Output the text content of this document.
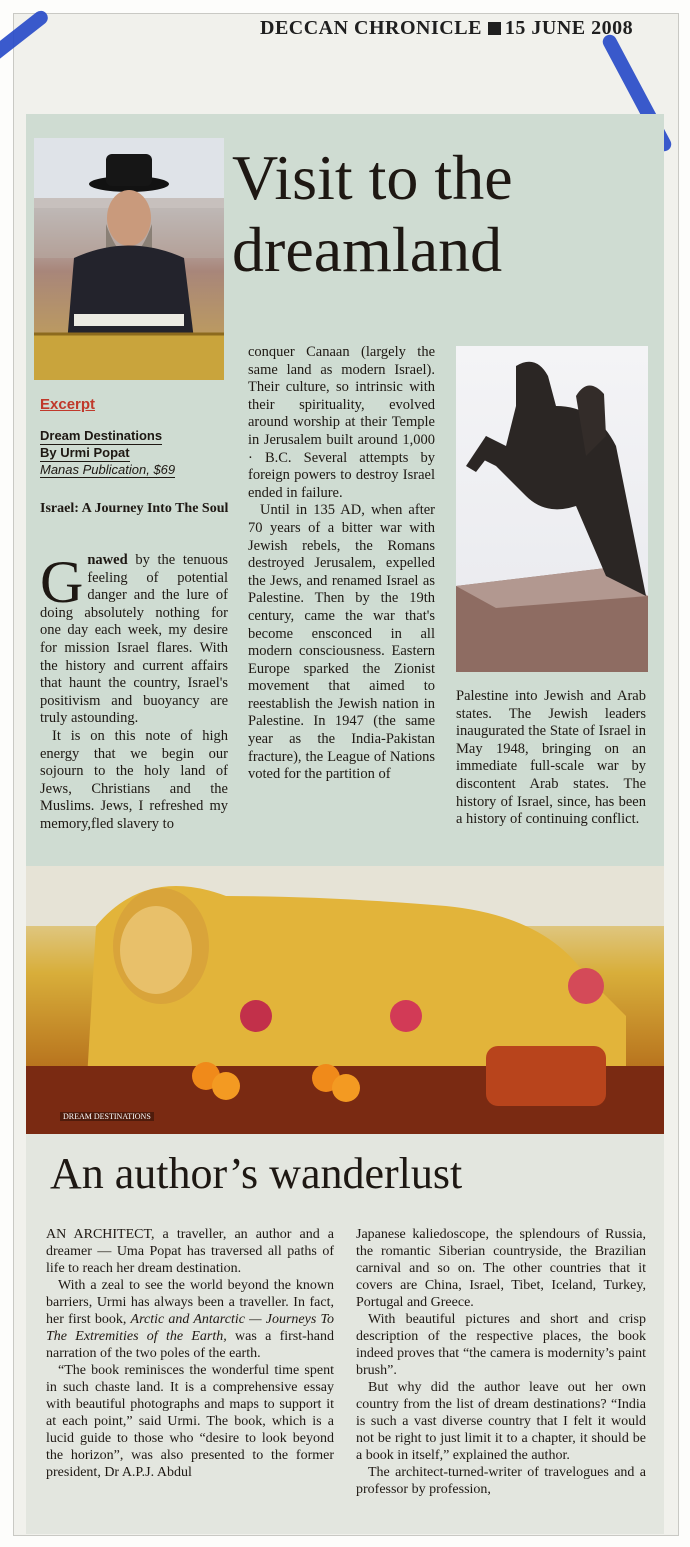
DECCAN CHRONICLE 15 JUNE 2008
Visit to the dreamland
Excerpt
Dream Destinations
By Urmi Popat
Manas Publication, $69
Israel: A Journey Into The Soul

Gnawed by the tenuous feeling of potential danger and the lure of doing absolutely nothing for one day each week, my desire for mission Israel flares. With the history and current affairs that haunt the country, Israel's positivism and buoyancy are truly astounding.

It is on this note of high energy that we begin our sojourn to the holy land of Jews, Christians and the Muslims. Jews, I refreshed my memory,fled slavery to

conquer Canaan (largely the same land as modern Israel). Their culture, so intrinsic with their spirituality, evolved around worship at their Temple in Jerusalem built around 1,000 · B.C. Several attempts by foreign powers to destroy Israel ended in failure.

Until in 135 AD, when after 70 years of a bitter war with Jewish rebels, the Romans destroyed Jerusalem, expelled the Jews, and renamed Israel as Palestine. Then by the 19th century, came the war that's become ensconced in all modern consciousness. Eastern Europe sparked the Zionist movement that aimed to reestablish the Jewish nation in Palestine. In 1947 (the same year as the India-Pakistan fracture), the League of Nations voted for the partition of

Palestine into Jewish and Arab states. The Jewish leaders inaugurated the State of Israel in May 1948, bringing on an immediate full-scale war by discontent Arab states. The history of Israel, since, has been a history of continuing conflict.

DREAM DESTINATIONS
An author’s wanderlust

AN ARCHITECT, a traveller, an author and a dreamer — Uma Popat has traversed all paths of life to reach her dream destination.

With a zeal to see the world beyond the known barriers, Urmi has always been a traveller. In fact, her first book, Arctic and Antarctic — Journeys To The Extremities of the Earth, was a first-hand narration of the two poles of the earth.

“The book reminisces the wonderful time spent in such chaste land. It is a comprehensive essay with beautiful photographs and maps to support it at each point,” said Urmi. The book, which is a lucid guide to those who “desire to look beyond the horizon”, was also presented to the former president, Dr A.P.J. Abdul

Japanese kaliedoscope, the splendours of Russia, the romantic Siberian countryside, the Brazilian carnival and so on. The other countries that it covers are China, Israel, Tibet, Iceland, Turkey, Portugal and Greece.

With beautiful pictures and short and crisp description of the respective places, the book indeed proves that “the camera is modernity’s paint brush”.

But why did the author leave out her own country from the list of dream destinations? “India is such a vast diverse country that I felt it would not be right to just limit it to a chapter, it should be a book in itself,” explained the author.

The architect-turned-writer of travelogues and a professor by profession,
